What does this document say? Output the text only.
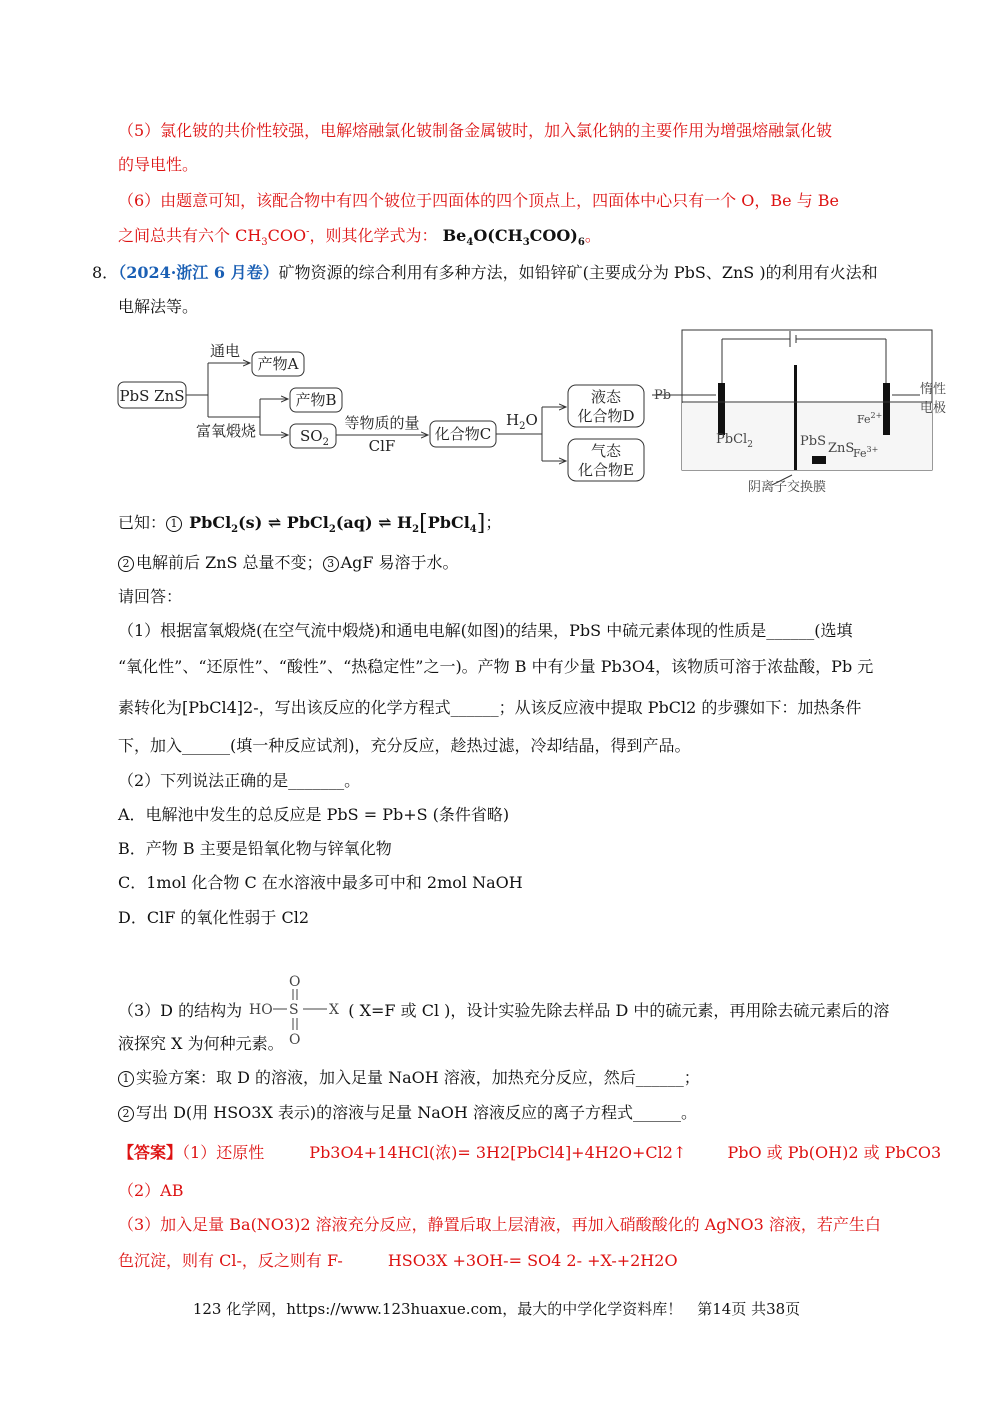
（5）氯化铍的共价性较强，电解熔融氯化铍制备金属铍时，加入氯化钠的主要作用为增强熔融氯化铍
的导电性。
（6）由题意可知，该配合物中有四个铍位于四面体的四个顶点上，四面体中心只有一个 O，Be 与 Be
之间总共有六个 $CH_3COO^-$，则其化学式为： $Be_4O(CH_3COO)_6$。
8．（2024·浙江 6 月卷）矿物资源的综合利用有多种方法，如铅锌矿(主要成分为 PbS、ZnS )的利用有火法和
电解法等。
PbS ZnS
通电
产物A
富氧煅烧
产物B
$SO_2$
等物质的量
ClF
化合物C
$H_2O$
液态
化合物D
气态
化合物E
Pb
PbCl$_2$	PbS ZnS
$Fe^{2+}$
$Fe^{3+}$
惰性
电极
阴离子交换膜
已知： 1 PbCl$_2$(s) ⇌ PbCl$_2$(aq) ⇌ $H_2[PbCl_4]$；
2 电解前后 ZnS 总量不变； 3 AgF 易溶于水。
请回答：
（1）根据富氧煅烧(在空气流中煅烧)和通电电解(如图)的结果，PbS 中硫元素体现的性质是______(选填
“氧化性”、“还原性”、“酸性”、“热稳定性”之一)。产物 B 中有少量 Pb3O4，该物质可溶于浓盐酸，Pb 元
素转化为[PbCl4]2-，写出该反应的化学方程式______；从该反应液中提取 PbCl2 的步骤如下：加热条件
下，加入______(填一种反应试剂)，充分反应，趁热过滤，冷却结晶，得到产品。
（2）下列说法正确的是_______。
A．电解池中发生的总反应是 PbS = Pb+S (条件省略)
B．产物 B 主要是铅氧化物与锌氧化物
C．1mol 化合物 C 在水溶液中最多可中和 2mol NaOH
D．ClF 的氧化性弱于 Cl2
（3）D 的结构为 HO S
O
O
X ( X=F 或 Cl )，设计实验先除去样品 D 中的硫元素，再用除去硫元素后的溶
液探究 X 为何种元素。
1 实验方案：取 D 的溶液，加入足量 NaOH 溶液，加热充分反应，然后______；
2 写出 D(用 HSO3X 表示)的溶液与足量 NaOH 溶液反应的离子方程式______。
【答案】（1）还原性	Pb3O4+14HCl(浓)= 3H2[PbCl4]+4H2O+Cl2↑	PbO 或 Pb(OH)2 或 PbCO3
（2）AB
（3）加入足量 Ba(NO3)2 溶液充分反应，静置后取上层清液，再加入硝酸酸化的 AgNO3 溶液，若产生白
色沉淀，则有 Cl-，反之则有 F-	HSO3X +3OH-= SO4 2- +X-+2H2O
123 化学网，https://www.123huaxue.com，最大的中学化学资料库！　第14页 共38页
